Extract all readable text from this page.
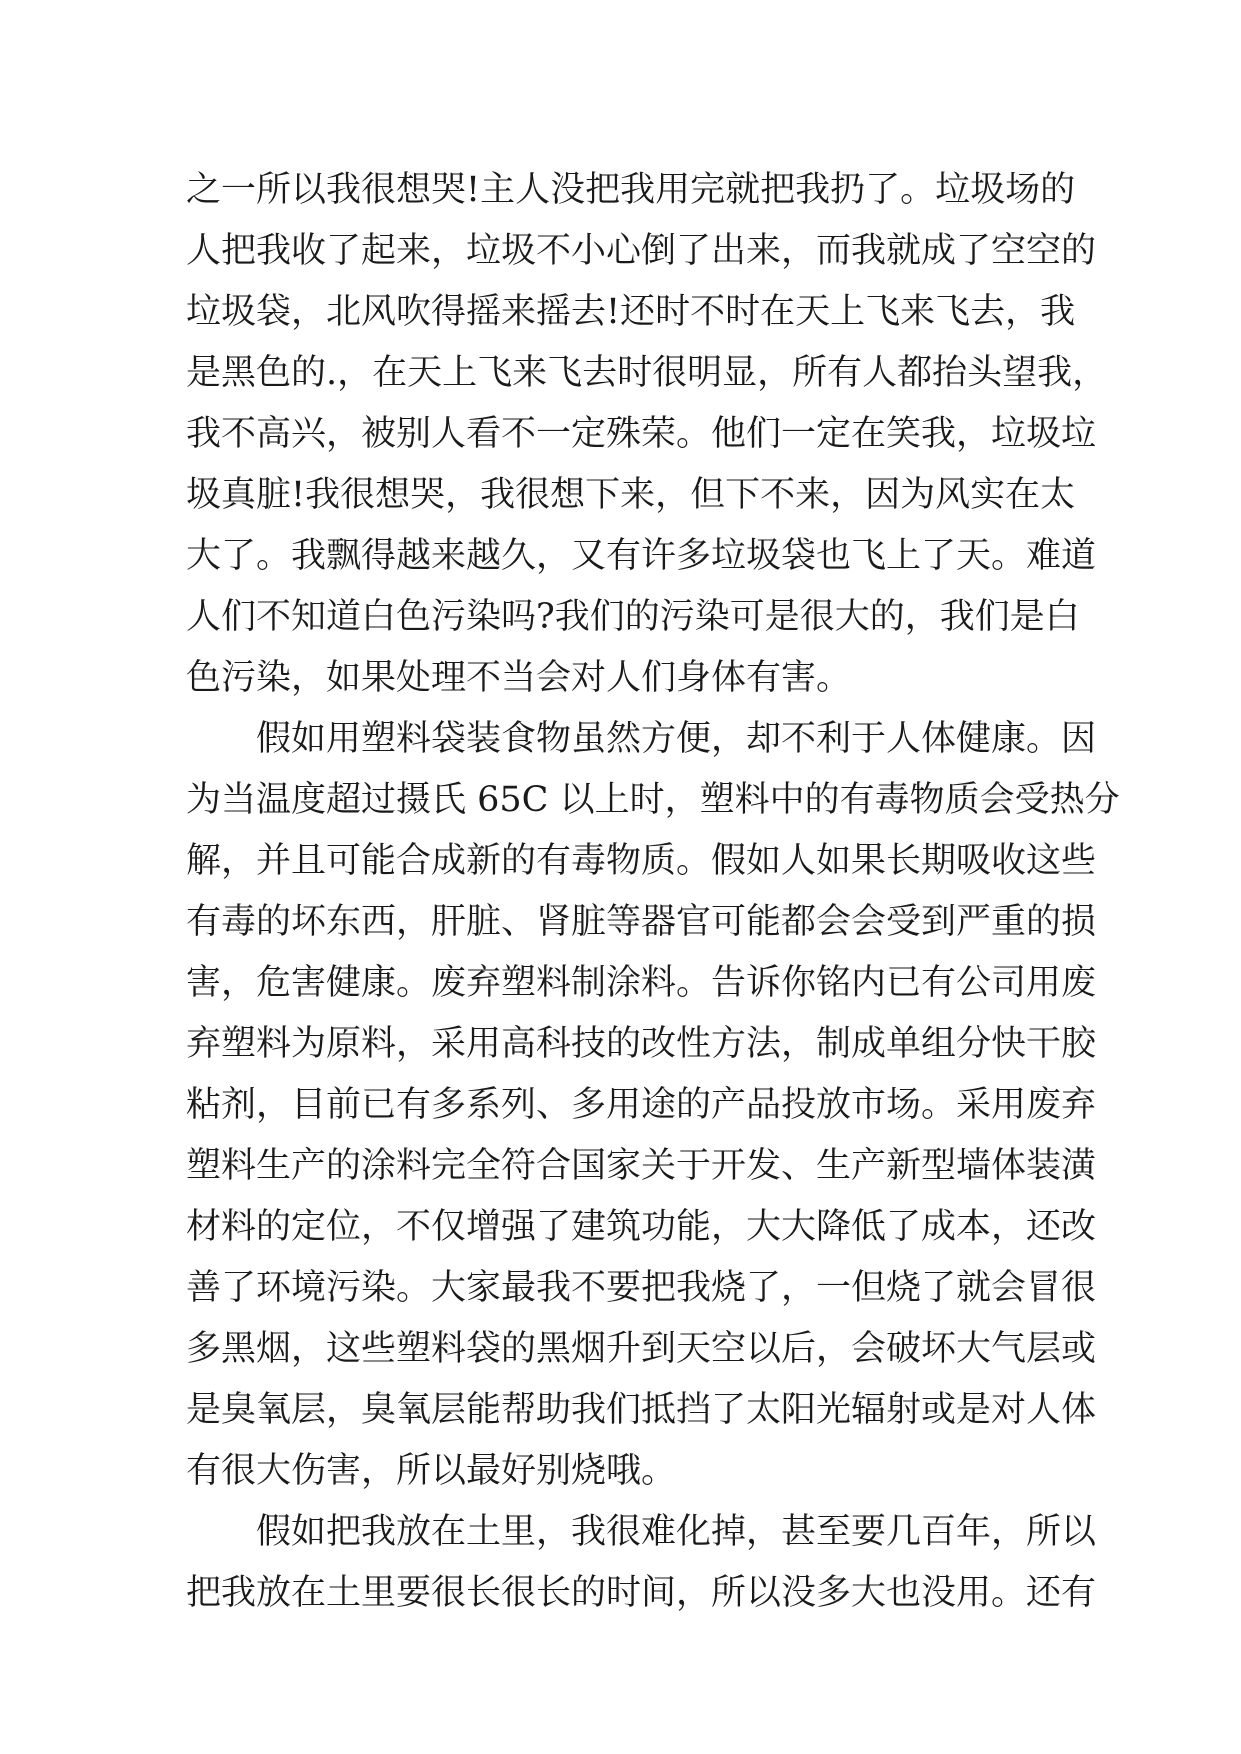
之一所以我很想哭!主人没把我用完就把我扔了。垃圾场的
人把我收了起来，垃圾不小心倒了出来，而我就成了空空的
垃圾袋，北风吹得摇来摇去!还时不时在天上飞来飞去，我
是黑色的.，在天上飞来飞去时很明显，所有人都抬头望我，
我不高兴，被别人看不一定殊荣。他们一定在笑我，垃圾垃
圾真脏!我很想哭，我很想下来，但下不来，因为风实在太
大了。我飘得越来越久，又有许多垃圾袋也飞上了天。难道
人们不知道白色污染吗?我们的污染可是很大的，我们是白
色污染，如果处理不当会对人们身体有害。
假如用塑料袋装食物虽然方便，却不利于人体健康。因
为当温度超过摄氏 65C 以上时，塑料中的有毒物质会受热分
解，并且可能合成新的有毒物质。假如人如果长期吸收这些
有毒的坏东西，肝脏、肾脏等器官可能都会会受到严重的损
害，危害健康。废弃塑料制涂料。告诉你铭内已有公司用废
弃塑料为原料，采用高科技的改性方法，制成单组分快干胶
粘剂，目前已有多系列、多用途的产品投放市场。采用废弃
塑料生产的涂料完全符合国家关于开发、生产新型墙体装潢
材料的定位，不仅增强了建筑功能，大大降低了成本，还改
善了环境污染。大家最我不要把我烧了，一但烧了就会冒很
多黑烟，这些塑料袋的黑烟升到天空以后，会破坏大气层或
是臭氧层，臭氧层能帮助我们抵挡了太阳光辐射或是对人体
有很大伤害，所以最好别烧哦。
假如把我放在土里，我很难化掉，甚至要几百年，所以
把我放在土里要很长很长的时间，所以没多大也没用。还有
